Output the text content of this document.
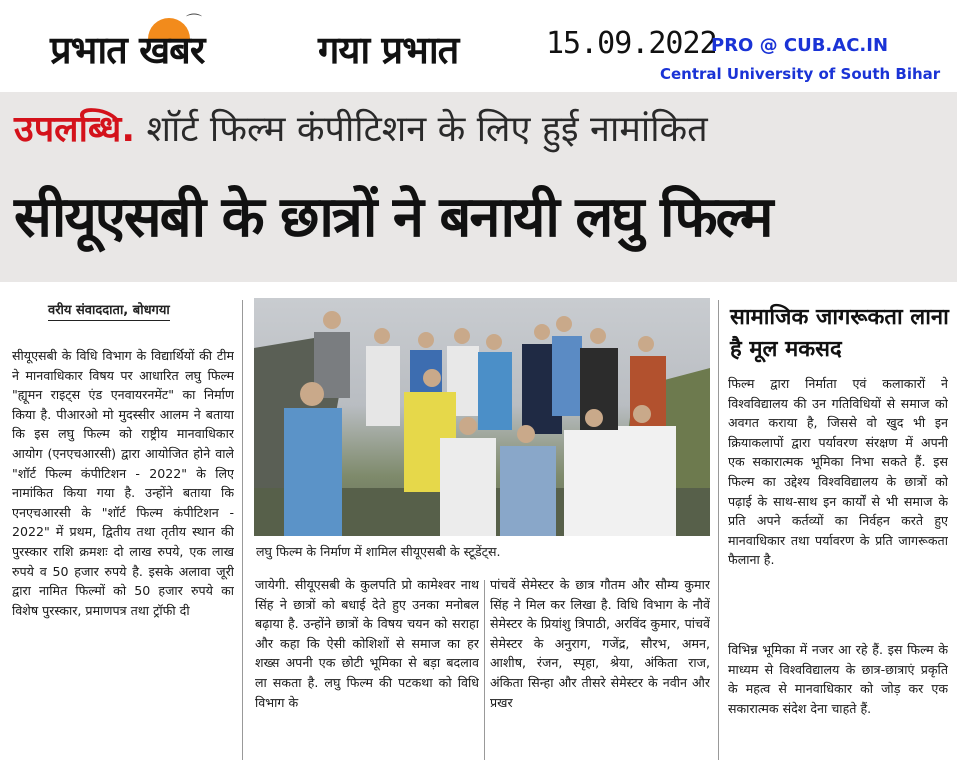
⌒
प्रभात खबर	गया प्रभात	15.09.2022
PRO @ CUB.AC.IN
Central University of South Bihar
उपलब्धि. शॉर्ट फिल्म कंपीटिशन के लिए हुई नामांकित
सीयूएसबी के छात्रों ने बनायी लघु फिल्म
वरीय संवाददाता, बोधगया

सीयूएसबी के विधि विभाग के विद्यार्थियों की टीम ने मानवाधिकार विषय पर आधारित लघु फिल्म "ह्यूमन राइट्स एंड एनवायरनमेंट" का निर्माण किया है. पीआरओ मो मुदस्सीर आलम ने बताया कि इस लघु फिल्म को राष्ट्रीय मानवाधिकार आयोग (एनएचआरसी) द्वारा आयोजित होने वाले "शॉर्ट फिल्म कंपीटिशन - 2022" के लिए नामांकित किया गया है. उन्होंने बताया कि एनएचआरसी के "शॉर्ट फिल्म कंपीटिशन - 2022" में प्रथम, द्वितीय तथा तृतीय स्थान की पुरस्कार राशि क्रमशः दो लाख रुपये, एक लाख रुपये व 50 हजार रुपये है. इसके अलावा जूरी द्वारा नामित फिल्मों को 50 हजार रुपये का विशेष पुरस्कार, प्रमाणपत्र तथा ट्रॉफी दी

लघु फिल्म के निर्माण में शामिल सीयूएसबी के स्टूडेंट्स.

जायेगी. सीयूएसबी के कुलपति प्रो कामेश्वर नाथ सिंह ने छात्रों को बधाई देते हुए उनका मनोबल बढ़ाया है. उन्होंने छात्रों के विषय चयन को सराहा और कहा कि ऐसी कोशिशों से समाज का हर शख्स अपनी एक छोटी भूमिका से बड़ा बदलाव ला सकता है. लघु फिल्म की पटकथा को विधि विभाग के

पांचवें सेमेस्टर के छात्र गौतम और सौम्य कुमार सिंह ने मिल कर लिखा है. विधि विभाग के नौवें सेमेस्टर के प्रियांशु त्रिपाठी, अरविंद कुमार, पांचवें सेमेस्टर के अनुराग, गजेंद्र, सौरभ, अमन, आशीष, रंजन, स्पृहा, श्रेया, अंकिता राज, अंकिता सिन्हा और तीसरे सेमेस्टर के नवीन और प्रखर

सामाजिक जागरूकता लाना है मूल मकसद

फिल्म द्वारा निर्माता एवं कलाकारों ने विश्वविद्यालय की उन गतिविधियों से समाज को अवगत कराया है, जिससे वो खुद भी इन क्रियाकलापों द्वारा पर्यावरण संरक्षण में अपनी एक सकारात्मक भूमिका निभा सकते हैं. इस फिल्म का उद्देश्य विश्वविद्यालय के छात्रों को पढ़ाई के साथ-साथ इन कार्यों से भी समाज के प्रति अपने कर्तव्यों का निर्वहन करते हुए मानवाधिकार तथा पर्यावरण के प्रति जागरूकता फैलाना है.

विभिन्न भूमिका में नजर आ रहे हैं. इस फिल्म के माध्यम से विश्वविद्यालय के छात्र-छात्राएं प्रकृति के महत्व से मानवाधिकार को जोड़ कर एक सकारात्मक संदेश देना चाहते हैं.
